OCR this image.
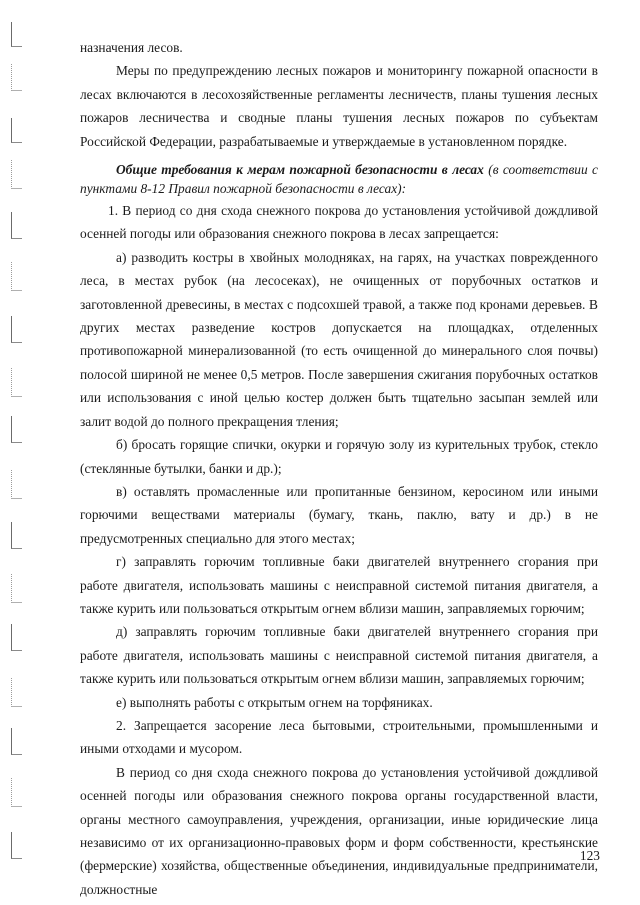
назначения лесов.

Меры по предупреждению лесных пожаров и мониторингу пожарной опасности в лесах включаются в лесохозяйственные регламенты лесничеств, планы тушения лесных пожаров лесничества и сводные планы тушения лесных пожаров по субъектам Российской Федерации, разрабатываемые и утверждаемые в установленном порядке.

Общие требования к мерам пожарной безопасности в лесах (в соответствии с пунктами 8-12 Правил пожарной безопасности в лесах):

1. В период со дня схода снежного покрова до установления устойчивой дождливой осенней погоды или образования снежного покрова в лесах запрещается:

а) разводить костры в хвойных молодняках, на гарях, на участках поврежденного леса, в местах рубок (на лесосеках), не очищенных от порубочных остатков и заготовленной древесины, в местах с подсохшей травой, а также под кронами деревьев. В других местах разведение костров допускается на площадках, отделенных противопожарной минерализованной (то есть очищенной до минерального слоя почвы) полосой шириной не менее 0,5 метров. После завершения сжигания порубочных остатков или использования с иной целью костер должен быть тщательно засыпан землей или залит водой до полного прекращения тления;

б) бросать горящие спички, окурки и горячую золу из курительных трубок, стекло (стеклянные бутылки, банки и др.);

в) оставлять промасленные или пропитанные бензином, керосином или иными горючими веществами материалы (бумагу, ткань, паклю, вату и др.) в не предусмотренных специально для этого местах;

г) заправлять горючим топливные баки двигателей внутреннего сгорания при работе двигателя, использовать машины с неисправной системой питания двигателя, а также курить или пользоваться открытым огнем вблизи машин, заправляемых горючим;

д) заправлять горючим топливные баки двигателей внутреннего сгорания при работе двигателя, использовать машины с неисправной системой питания двигателя, а также курить или пользоваться открытым огнем вблизи машин, заправляемых горючим;

е) выполнять работы с открытым огнем на торфяниках.

2. Запрещается засорение леса бытовыми, строительными, промышленными и иными отходами и мусором.

В период со дня схода снежного покрова до установления устойчивой дождливой осенней погоды или образования снежного покрова органы государственной власти, органы местного самоуправления, учреждения, организации, иные юридические лица независимо от их организационно-правовых форм и форм собственности, крестьянские (фермерские) хозяйства, общественные объединения, индивидуальные предприниматели, должностные

123
